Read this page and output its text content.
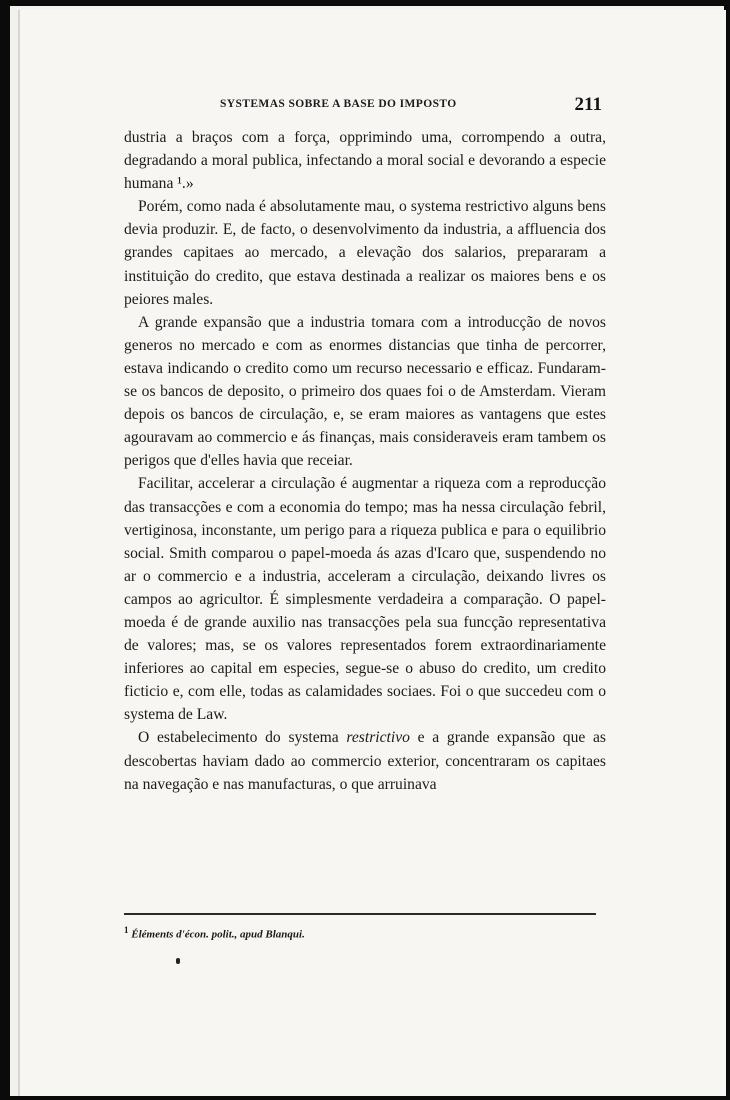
SYSTEMAS SOBRE A BASE DO IMPOSTO	211

dustria a braços com a força, opprimindo uma, corrompendo a outra, degradando a moral publica, infectando a moral social e devorando a especie humana ¹.»

Porém, como nada é absolutamente mau, o systema restrictivo alguns bens devia produzir. E, de facto, o desenvolvimento da industria, a affluencia dos grandes capitaes ao mercado, a elevação dos salarios, prepararam a instituição do credito, que estava destinada a realizar os maiores bens e os peiores males.

A grande expansão que a industria tomara com a introducção de novos generos no mercado e com as enormes distancias que tinha de percorrer, estava indicando o credito como um recurso necessario e efficaz. Fundaram-se os bancos de deposito, o primeiro dos quaes foi o de Amsterdam. Vieram depois os bancos de circulação, e, se eram maiores as vantagens que estes agouravam ao commercio e ás finanças, mais consideraveis eram tambem os perigos que d'elles havia que receiar.

Facilitar, accelerar a circulação é augmentar a riqueza com a reproducção das transacções e com a economia do tempo; mas ha nessa circulação febril, vertiginosa, inconstante, um perigo para a riqueza publica e para o equilibrio social. Smith comparou o papel-moeda ás azas d'Icaro que, suspendendo no ar o commercio e a industria, acceleram a circulação, deixando livres os campos ao agricultor. É simplesmente verdadeira a comparação. O papel-moeda é de grande auxilio nas transacções pela sua funcção representativa de valores; mas, se os valores representados forem extraordinariamente inferiores ao capital em especies, segue-se o abuso do credito, um credito ficticio e, com elle, todas as calamidades sociaes. Foi o que succedeu com o systema de Law.

O estabelecimento do systema restrictivo e a grande expansão que as descobertas haviam dado ao commercio exterior, concentraram os capitaes na navegação e nas manufacturas, o que arruinava

$^1$ Éléments d'écon. polit., apud Blanqui.
